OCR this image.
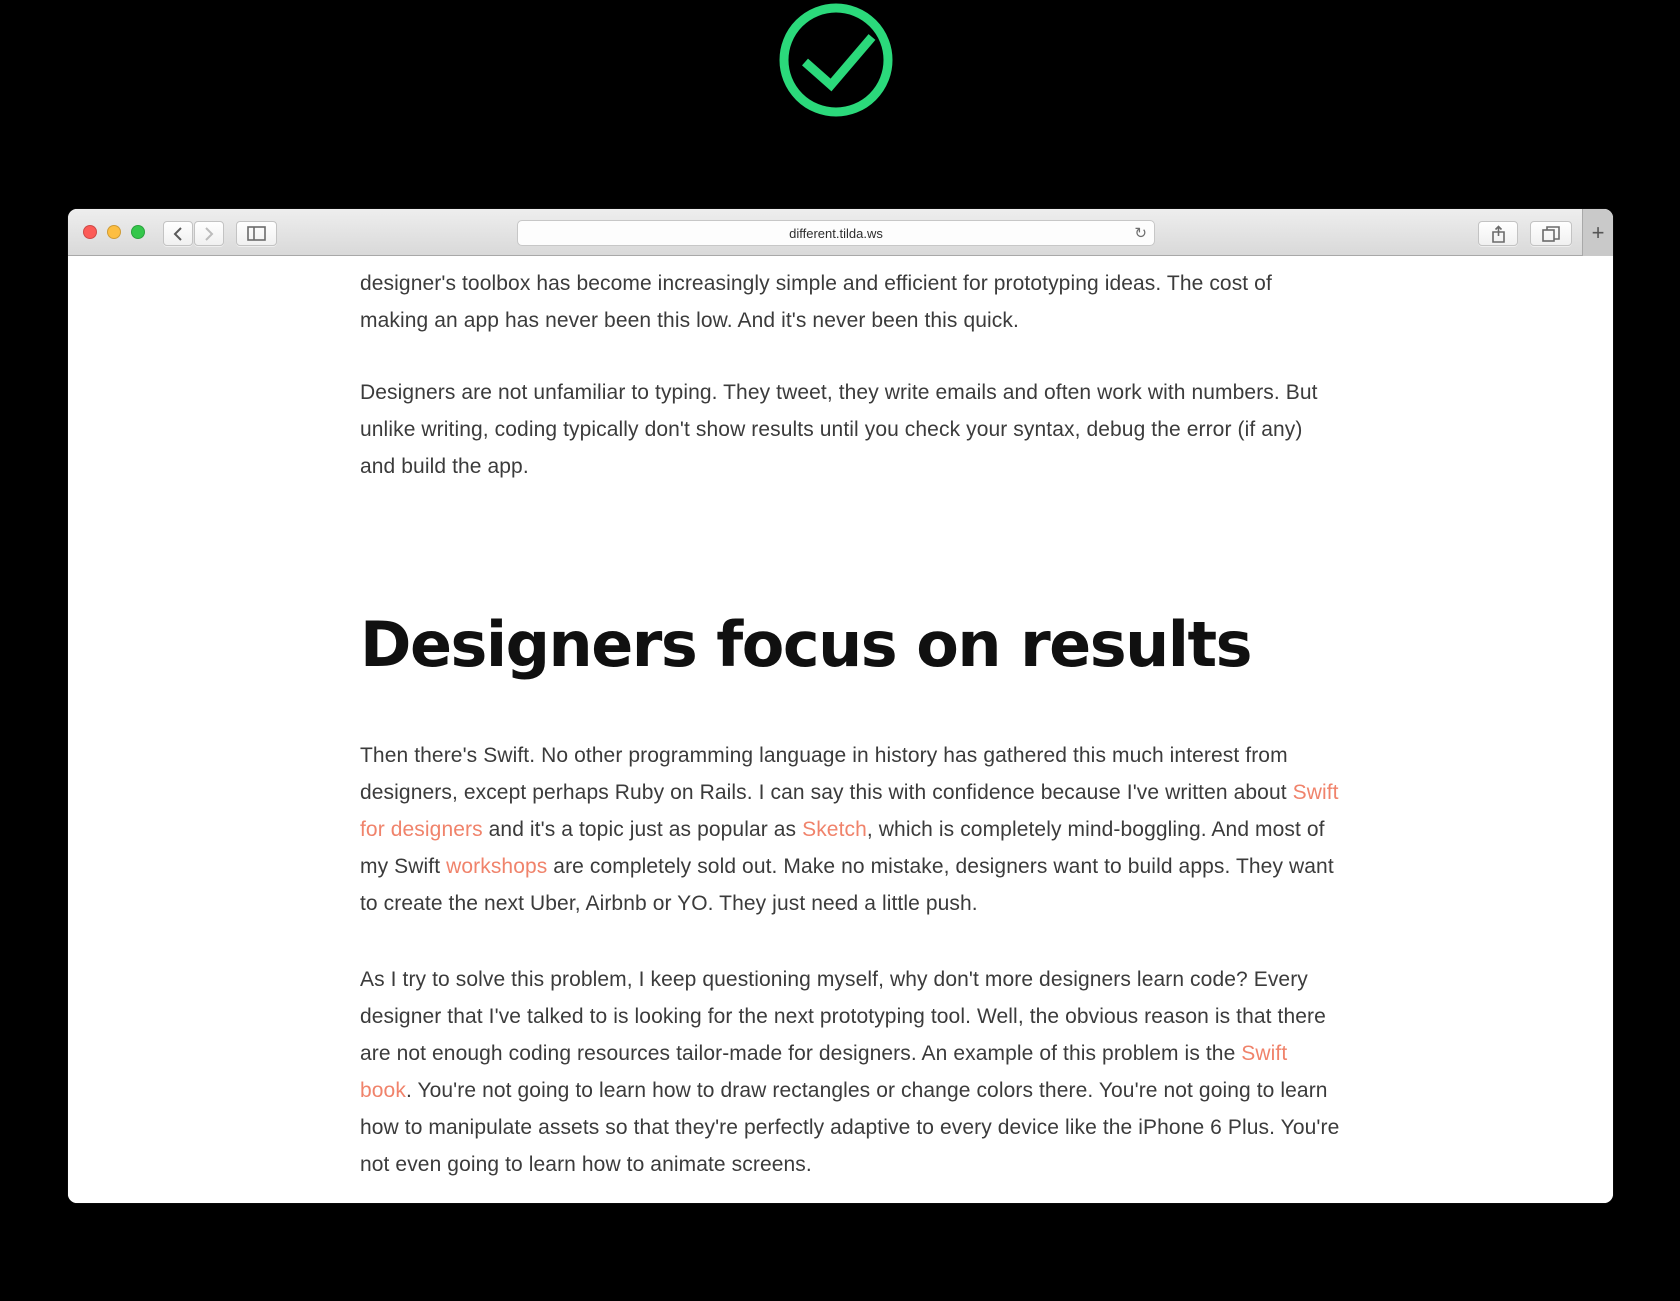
different.tilda.ws	↻	+

designer's toolbox has become increasingly simple and efficient for prototyping ideas. The cost of making an app has never been this low. And it's never been this quick.

Designers are not unfamiliar to typing. They tweet, they write emails and often work with numbers. But unlike writing, coding typically don't show results until you check your syntax, debug the error (if any) and build the app.

Designers focus on results

Then there's Swift. No other programming language in history has gathered this much interest from designers, except perhaps Ruby on Rails. I can say this with confidence because I've written about Swift for designers and it's a topic just as popular as Sketch, which is completely mind-boggling. And most of my Swift workshops are completely sold out. Make no mistake, designers want to build apps. They want to create the next Uber, Airbnb or YO. They just need a little push.

As I try to solve this problem, I keep questioning myself, why don't more designers learn code? Every designer that I've talked to is looking for the next prototyping tool. Well, the obvious reason is that there are not enough coding resources tailor-made for designers. An example of this problem is the Swift book. You're not going to learn how to draw rectangles or change colors there. You're not going to learn how to manipulate assets so that they're perfectly adaptive to every device like the iPhone 6 Plus. You're not even going to learn how to animate screens.
